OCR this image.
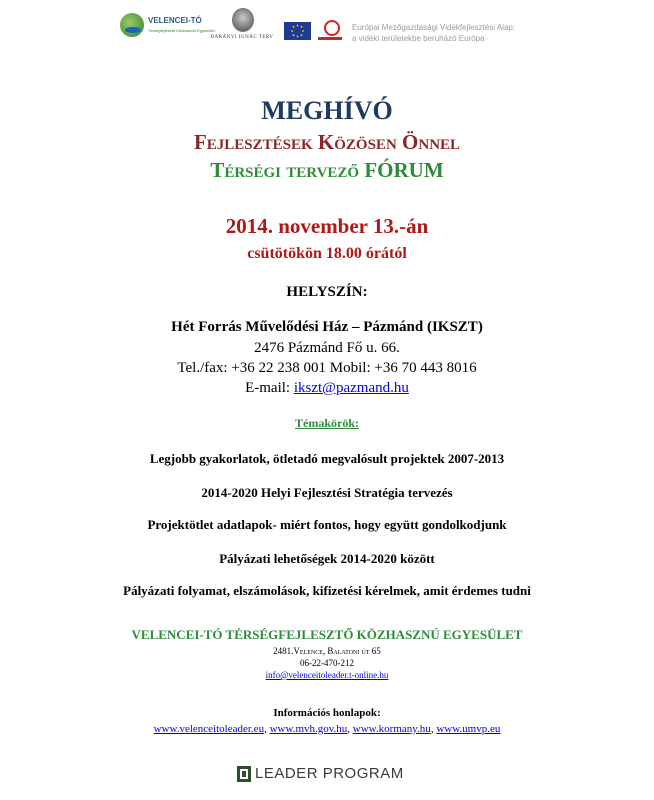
VELENCEI-TÓ
Térségfejlesztő Közhasznú Egyesület
DARÁNYI IGNÁC TERV
Európai Mezőgazdasági Vidékfejlesztési Alap:
a vidéki területekbe beruházó Európa
MEGHÍVÓ
Fejlesztések Közösen Önnel
Térségi tervező FÓRUM
2014. november 13.-án
csütötökön 18.00 órától
HELYSZÍN:
Hét Forrás Művelődési Ház – Pázmánd (IKSZT)
2476 Pázmánd Fő u. 66.
Tel./fax: +36 22 238 001 Mobil: +36 70 443 8016
E-mail: ikszt@pazmand.hu
Témakörök:
Legjobb gyakorlatok, ötletadó megvalósult projektek 2007-2013
2014-2020 Helyi Fejlesztési Stratégia tervezés
Projektötlet adatlapok- miért fontos, hogy együtt gondolkodjunk
Pályázati lehetőségek 2014-2020 között
Pályázati folyamat, elszámolások, kifizetési kérelmek, amit érdemes tudni
VELENCEI-TÓ TÉRSÉGFEJLESZTŐ KÖZHASZNÚ EGYESÜLET
2481.Velence, Balatoni út 65
06-22-470-212
info@velenceitoleader.t-online.hu
Információs honlapok:
www.velenceitoleader.eu, www.mvh.gov.hu, www.kormany.hu, www.umvp.eu
LEADER PROGRAM
